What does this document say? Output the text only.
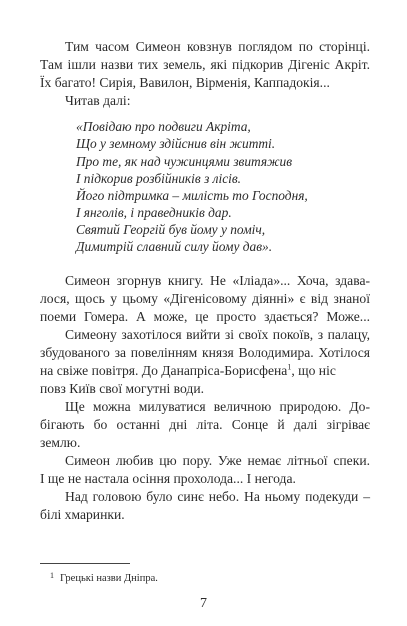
Тим часом Симеон ковзнув поглядом по сторінці.
Там ішли назви тих земель, які підкорив Дігеніс Акріт.
Їх багато! Сирія, Вавилон, Вірменія, Каппадокія...
Читав далі:
«Повідаю про подвиги Акріта,
Що у земному здійснив він житті.
Про те, як над чужинцями звитяжив
І підкорив розбійників з лісів.
Його підтримка – милість то Господня,
І янголів, і праведників дар.
Святий Георгій був йому у поміч,
Димитрій славний силу йому дав».
Симеон згорнув книгу. Не «Іліада»... Хоча, здава-
лося, щось у цьому «Дігенісовому діянні» є від знаної
поеми Гомера. А може, це просто здається? Може...
Симеону захотілося вийти зі своїх покоїв, з палацу,
збудованого за повелінням князя Володимира. Хотілося
на свіже повітря. До Данапріса-Борисфена$^1$, що ніс
повз Київ свої могутні води.
Ще можна милуватися величною природою. До-
бігають бо останні дні літа. Сонце й далі зігріває
землю.
Симеон любив цю пору. Уже немає літньої спеки.
І ще не настала осіння прохолода... І негода.
Над головою було синє небо. На ньому подекуди –
білі хмаринки.
$^1$ Грецькі назви Дніпра.
7
